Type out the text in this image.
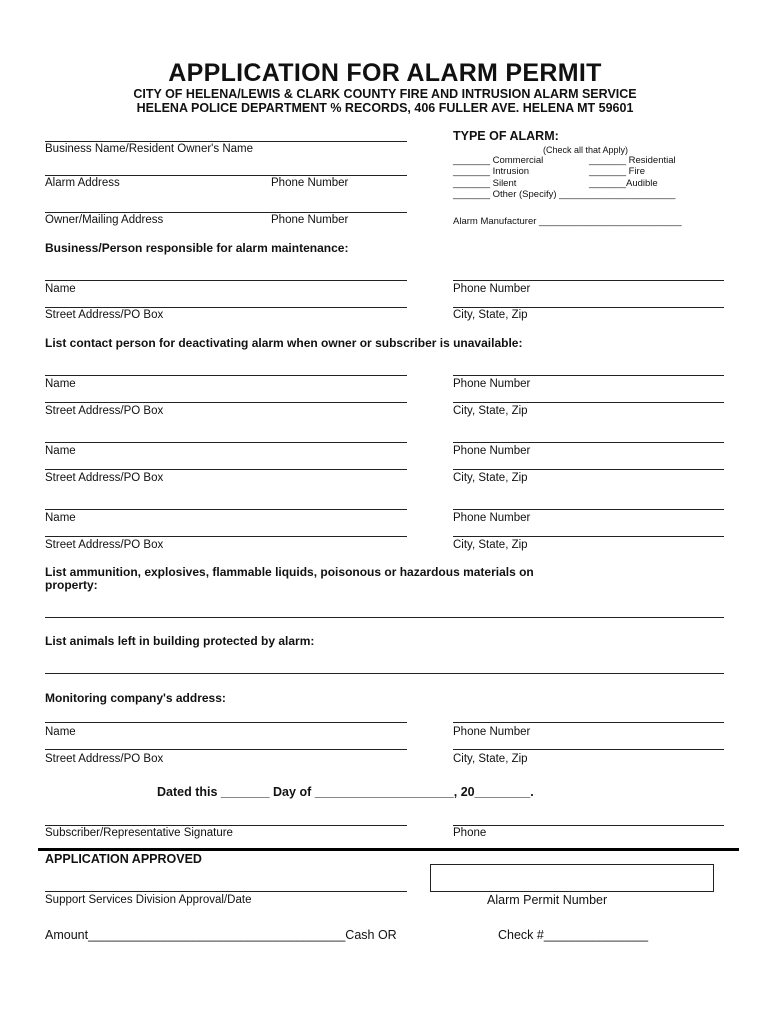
APPLICATION FOR ALARM PERMIT
CITY OF HELENA/LEWIS & CLARK COUNTY FIRE AND INTRUSION ALARM SERVICE
HELENA POLICE DEPARTMENT % RECORDS, 406 FULLER AVE. HELENA MT 59601
Business Name/Resident Owner's Name
Alarm Address	Phone Number
Owner/Mailing Address	Phone Number
TYPE OF ALARM:
(Check all that Apply)
_______ Commercial	_______ Residential
_______ Intrusion	_______ Fire
_______ Silent	_______Audible
_______ Other (Specify) ______________________
Alarm Manufacturer ___________________________
Business/Person responsible for alarm maintenance:
Name	Phone Number
Street Address/PO Box	City, State, Zip
List contact person for deactivating alarm when owner or subscriber is unavailable:
Name	Phone Number
Street Address/PO Box	City, State, Zip
Name	Phone Number
Street Address/PO Box	City, State, Zip
Name	Phone Number
Street Address/PO Box	City, State, Zip
List ammunition, explosives, flammable liquids, poisonous or hazardous materials on
property:
List animals left in building protected by alarm:
Monitoring company's address:
Name	Phone Number
Street Address/PO Box	City, State, Zip
Dated this _______ Day of ____________________, 20________.
Subscriber/Representative Signature	Phone
APPLICATION APPROVED
Support Services Division Approval/Date	Alarm Permit Number
Amount_____________________________________Cash OR	Check #_______________
